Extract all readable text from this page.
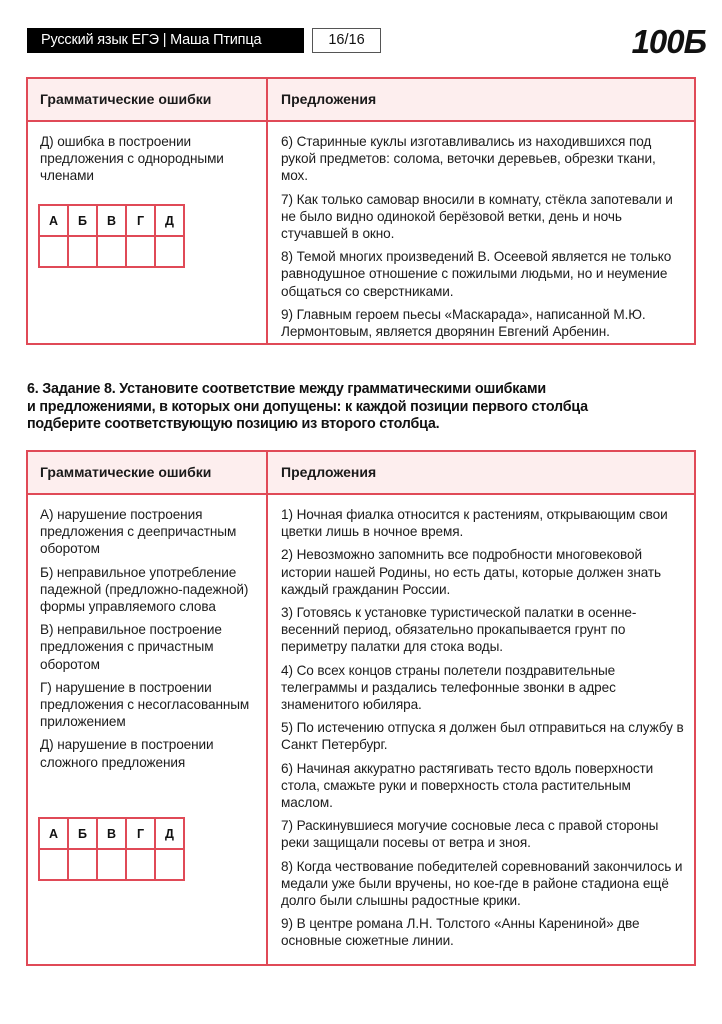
Русский язык ЕГЭ | Маша Птипца	16/16	100Б
Грамматические ошибки	Предложения
Д) ошибка в построении предложения с однородными членами
А	Б	В	Г	Д

6) Старинные куклы изготавливались из находившихся под рукой предметов: солома, веточки деревьев, обрезки ткани, мох.
7) Как только самовар вносили в комнату, стёкла запотевали и не было видно одинокой берёзовой ветки, день и ночь стучавшей в окно.
8) Темой многих произведений В. Осеевой является не только равнодушное отношение с пожилыми людьми, но и неумение общаться со сверстниками.
9) Главным героем пьесы «Маскарада», написанной М.Ю. Лермонтовым, является дворянин Евгений Арбенин.
6. Задание 8. Установите соответствие между грамматическими ошибками
и предложениями, в которых они допущены: к каждой позиции первого столбца
подберите соответствующую позицию из второго столбца.
Грамматические ошибки	Предложения
А) нарушение построения предложения с деепричастным оборотом
Б) неправильное употребление падежной (предложно-падежной) формы управляемого слова
В) неправильное построение предложения с причастным оборотом
Г) нарушение в построении предложения с несогласованным приложением
Д) нарушение в построении сложного предложения
А	Б	В	Г	Д

1) Ночная фиалка относится к растениям, открывающим свои цветки лишь в ночное время.
2) Невозможно запомнить все подробности многовековой истории нашей Родины, но есть даты, которые должен знать каждый гражданин России.
3) Готовясь к установке туристической палатки в осенне-весенний период, обязательно прокапывается грунт по периметру палатки для стока воды.
4) Со всех концов страны полетели поздравительные телеграммы и раздались телефонные звонки в адрес знаменитого юбиляра.
5) По истечению отпуска я должен был отправиться на службу в Санкт Петербург.
6) Начиная аккуратно растягивать тесто вдоль поверхности стола, смажьте руки и поверхность стола растительным маслом.
7) Раскинувшиеся могучие сосновые леса с правой стороны реки защищали посевы от ветра и зноя.
8) Когда чествование победителей соревнований закончилось и медали уже были вручены, но кое-где в районе стадиона ещё долго были слышны радостные крики.
9) В центре романа Л.Н. Толстого «Анны Карениной» две основные сюжетные линии.
